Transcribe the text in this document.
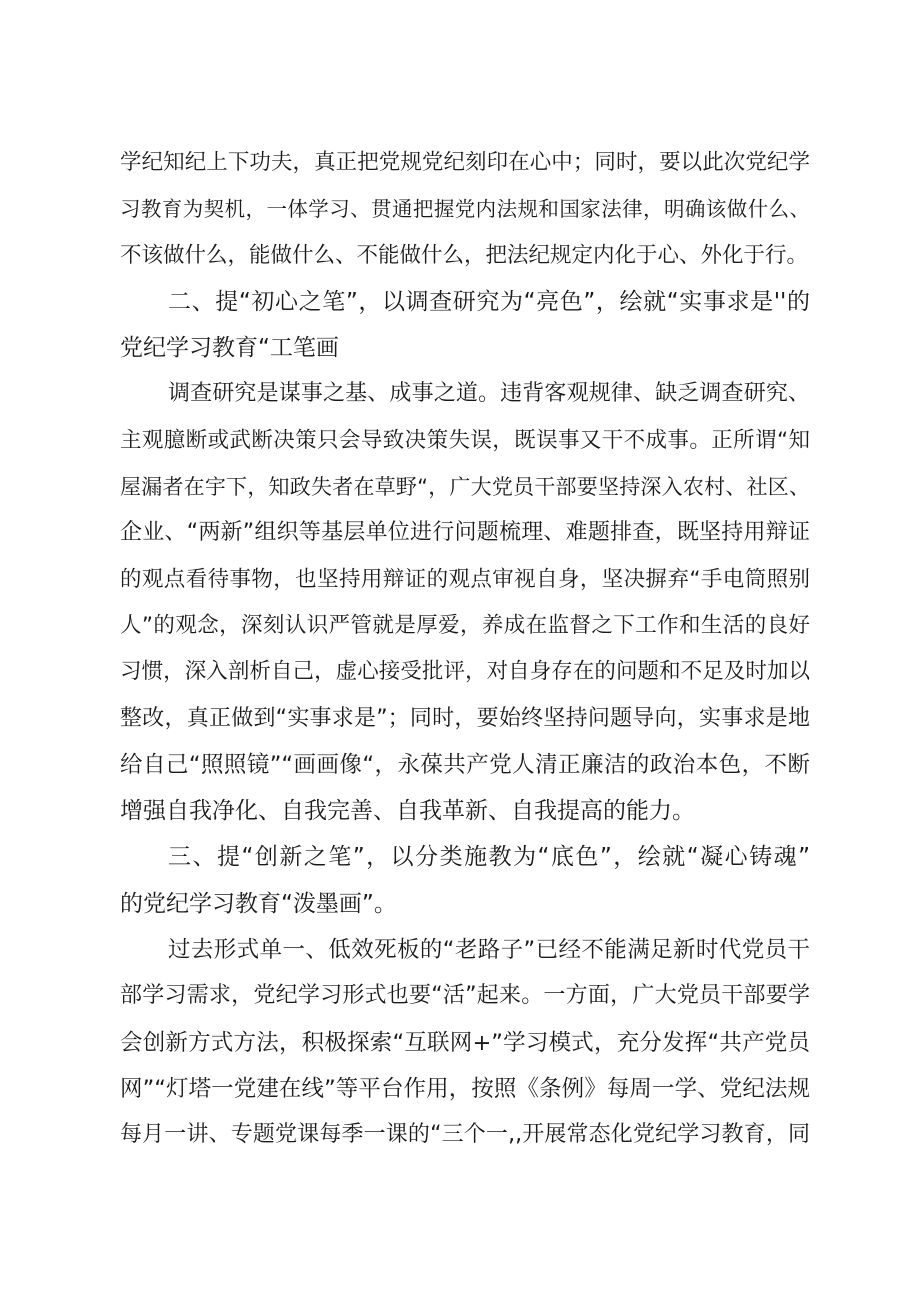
学纪知纪上下功夫，真正把党规党纪刻印在心中；同时，要以此次党纪学
习教育为契机，一体学习、贯通把握党内法规和国家法律，明确该做什么、
不该做什么，能做什么、不能做什么，把法纪规定内化于心、外化于行。
二、提“初心之笔”，以调查研究为“亮色”，绘就“实事求是''的
党纪学习教育“工笔画
调查研究是谋事之基、成事之道。违背客观规律、缺乏调查研究、
主观臆断或武断决策只会导致决策失误，既误事又干不成事。正所谓“知
屋漏者在宇下，知政失者在草野“，广大党员干部要坚持深入农村、社区、
企业、“两新”组织等基层单位进行问题梳理、难题排查，既坚持用辩证
的观点看待事物，也坚持用辩证的观点审视自身，坚决摒弃“手电筒照别
人”的观念，深刻认识严管就是厚爱，养成在监督之下工作和生活的良好
习惯，深入剖析自己，虚心接受批评，对自身存在的问题和不足及时加以
整改，真正做到“实事求是”；同时，要始终坚持问题导向，实事求是地
给自己“照照镜”“画画像“，永葆共产党人清正廉洁的政治本色，不断
增强自我净化、自我完善、自我革新、自我提高的能力。
三、提“创新之笔”，以分类施教为“底色”，绘就“凝心铸魂”
的党纪学习教育“泼墨画”。
过去形式单一、低效死板的“老路子”已经不能满足新时代党员干
部学习需求，党纪学习形式也要“活”起来。一方面，广大党员干部要学
会创新方式方法，积极探索“互联网+”学习模式，充分发挥“共产党员
网”“灯塔一党建在线”等平台作用，按照《条例》每周一学、党纪法规
每月一讲、专题党课每季一课的“三个一,,开展常态化党纪学习教育，同
